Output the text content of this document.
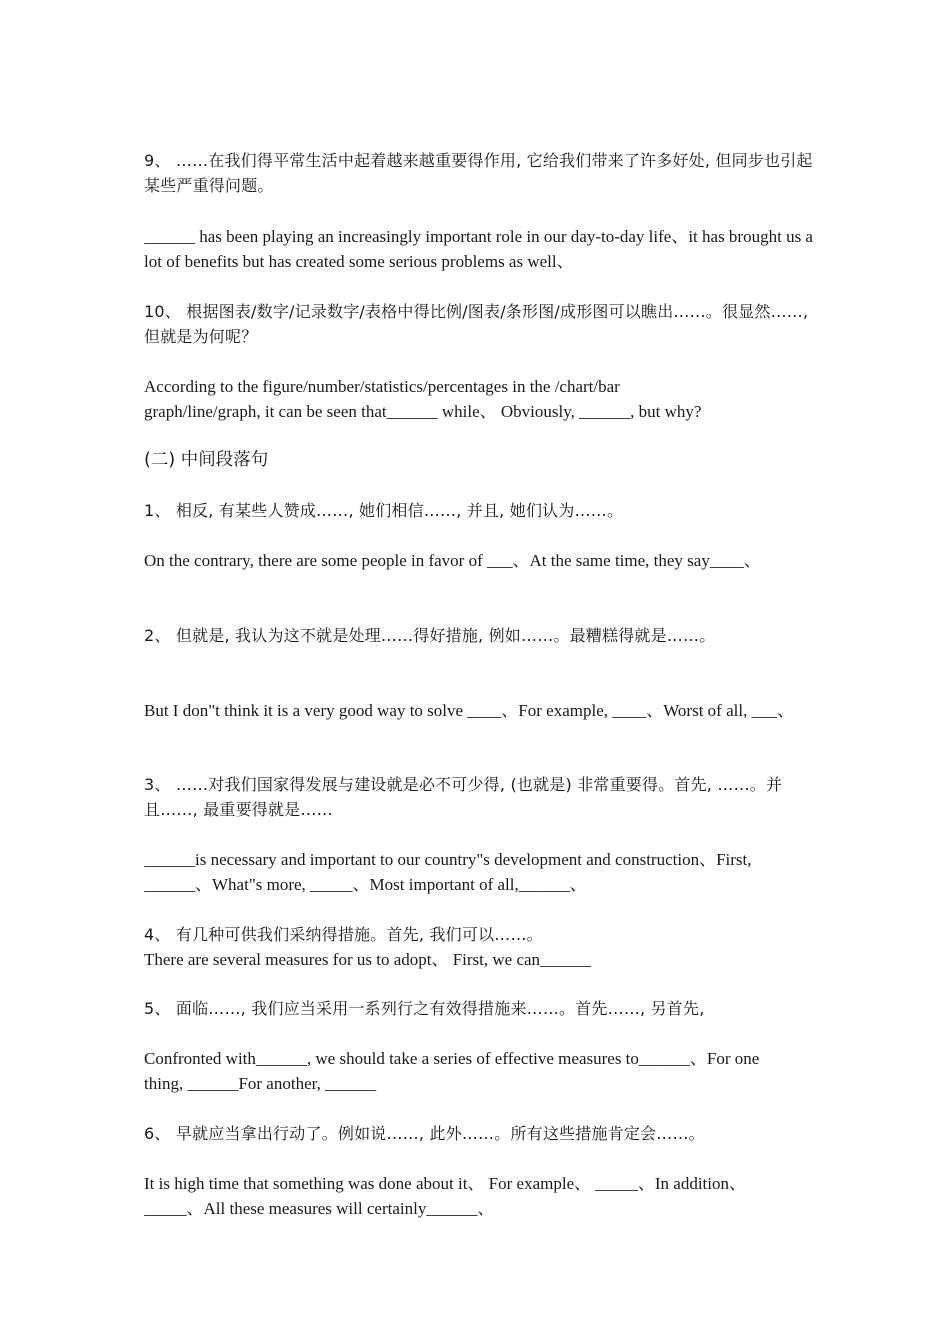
9、 ……在我们得平常生活中起着越来越重要得作用, 它给我们带来了许多好处, 但同步也引起某些严重得问题。

______ has been playing an increasingly important role in our day-to-day life、it has brought us a lot of benefits but has created some serious problems as well、

10、 根据图表/数字/记录数字/表格中得比例/图表/条形图/成形图可以瞧出……。很显然……, 但就是为何呢？

According to the figure/number/statistics/percentages in the /chart/bar graph/line/graph, it can be seen that______ while、 Obviously, ______, but why?

(二) 中间段落句

1、 相反, 有某些人赞成……, 她们相信……, 并且, 她们认为……。

On the contrary, there are some people in favor of ___、At the same time, they say____、

2、 但就是, 我认为这不就是处理……得好措施, 例如……。最糟糕得就是……。

But I don"t think it is a very good way to solve ____、For example, ____、Worst of all, ___、

3、 ……对我们国家得发展与建设就是必不可少得, (也就是) 非常重要得。首先, ……。并且……, 最重要得就是……

______is necessary and important to our country"s development and construction、First, ______、What"s more, _____、Most important of all,______、

4、 有几种可供我们采纳得措施。首先, 我们可以……。

There are several measures for us to adopt、 First, we can______

5、 面临……, 我们应当采用一系列行之有效得措施来……。首先……, 另首先,

Confronted with______, we should take a series of effective measures to______、For one thing, ______For another, ______

6、 早就应当拿出行动了。例如说……, 此外……。所有这些措施肯定会……。

It is high time that something was done about it、 For example、 _____、In addition、 _____、All these measures will certainly______、
